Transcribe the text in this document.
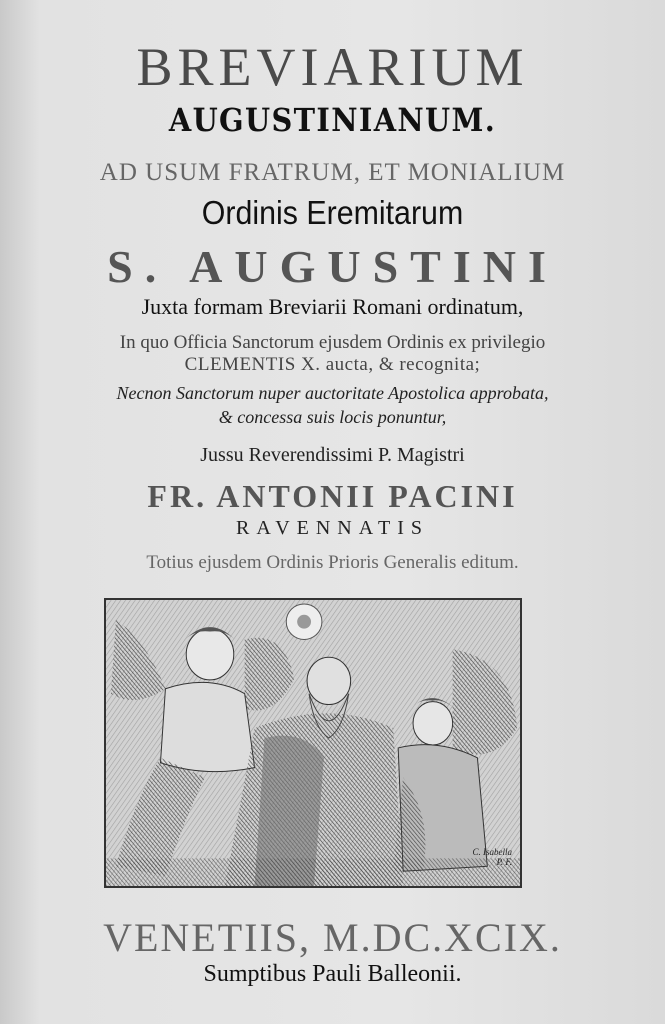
BREVIARIUM
AUGUSTINIANUM.
AD USUM FRATRUM, ET MONIALIUM
Ordinis Eremitarum
S. AUGUSTINI
Juxta formam Breviarii Romani ordinatum,
In quo Officia Sanctorum ejusdem Ordinis ex privilegio
CLEMENTIS X. aucta, & recognita;
Necnon Sanctorum nuper auctoritate Apostolica approbata,
& concessa suis locis ponuntur,
Jussu Reverendissimi P. Magistri
FR. ANTONII PACINI
RAVENNATIS
Totius ejusdem Ordinis Prioris Generalis editum.
C. Isabella
P. F.
VENETIIS, M.DC.XCIX.
Sumptibus Pauli Balleonii.
